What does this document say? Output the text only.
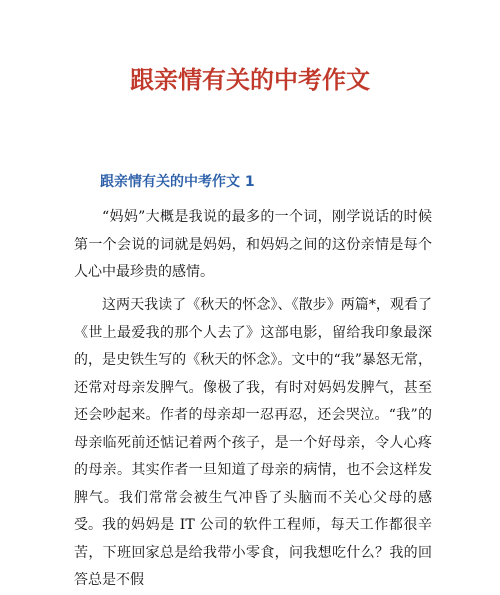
跟亲情有关的中考作文
跟亲情有关的中考作文 1

“妈妈”大概是我说的最多的一个词，刚学说话的时候第一个会说的词就是妈妈，和妈妈之间的这份亲情是每个人心中最珍贵的感情。

这两天我读了《秋天的怀念》、《散步》两篇*，观看了《世上最爱我的那个人去了》这部电影，留给我印象最深的，是史铁生写的《秋天的怀念》。文中的“我”暴怒无常，还常对母亲发脾气。像极了我，有时对妈妈发脾气，甚至还会吵起来。作者的母亲却一忍再忍，还会哭泣。“我”的母亲临死前还惦记着两个孩子，是一个好母亲，令人心疼的母亲。其实作者一旦知道了母亲的病情，也不会这样发脾气。我们常常会被生气冲昏了头脑而不关心父母的感受。 我的妈妈是 IT 公司的软件工程师，每天工作都很辛苦，下班回家总是给我带小零食，问我想吃什么？我的回答总是不假
